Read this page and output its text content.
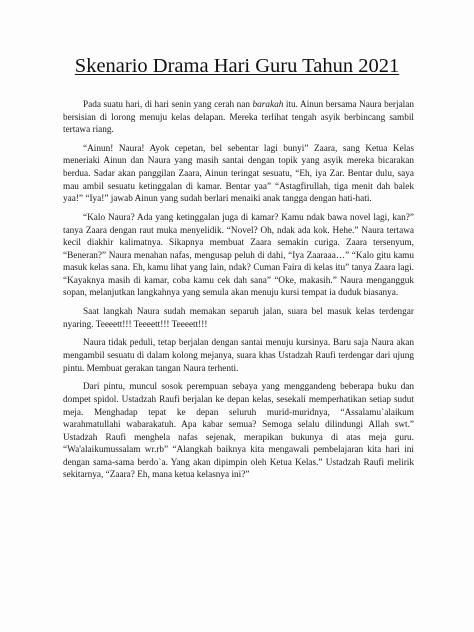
Skenario Drama Hari Guru Tahun 2021

Pada suatu hari, di hari senin yang cerah nan barakah itu. Ainun bersama Naura berjalan bersisian di lorong menuju kelas delapan. Mereka terlihat tengah asyik berbincang sambil tertawa riang.

“Ainun! Naura! Ayok cepetan, bel sebentar lagi bunyi” Zaara, sang Ketua Kelas meneriaki Ainun dan Naura yang masih santai dengan topik yang asyik mereka bicarakan berdua. Sadar akan panggilan Zaara, Ainun teringat sesuatu, “Eh, iya Zar. Bentar dulu, saya mau ambil sesuatu ketinggalan di kamar. Bentar yaa” “Astagfirullah, tiga menit dah balek yaa!” “Iya!” jawab Ainun yang sudah berlari menaiki anak tangga dengan hati-hati.

“Kalo Naura? Ada yang ketinggalan juga di kamar? Kamu ndak bawa novel lagi, kan?” tanya Zaara dengan raut muka menyelidik. “Novel? Oh, ndak ada kok. Hehe.” Naura tertawa kecil diakhir kalimatnya. Sikapnya membuat Zaara semakin curiga. Zaara tersenyum, “Beneran?” Naura menahan nafas, mengusap peluh di dahi, “Iya Zaaraaa…” “Kalo gitu kamu masuk kelas sana. Eh, kamu lihat yang lain, ndak? Cuman Faira di kelas itu” tanya Zaara lagi. “Kayaknya masih di kamar, coba kamu cek dah sana” “Oke, makasih.” Naura mengangguk sopan, melanjutkan langkahnya yang semula akan menuju kursi tempat ia duduk biasanya.

Saat langkah Naura sudah memakan separuh jalan, suara bel masuk kelas terdengar nyaring. Teeeett!!! Teeeett!!! Teeeett!!!

Naura tidak peduli, tetap berjalan dengan santai menuju kursinya. Baru saja Naura akan mengambil sesuatu di dalam kolong mejanya, suara khas Ustadzah Raufi terdengar dari ujung pintu. Membuat gerakan tangan Naura terhenti.

Dari pintu, muncul sosok perempuan sebaya yang menggandeng beberapa buku dan dompet spidol. Ustadzah Raufi berjalan ke depan kelas, sesekali memperhatikan setiap sudut meja. Menghadap tepat ke depan seluruh murid-muridnya, “Assalamu`alaikum warahmatullahi wabarakatuh. Apa kabar semua? Semoga selalu dilindungi Allah swt.” Ustadzah Raufi menghela nafas sejenak, merapikan bukunya di atas meja guru. “Wa'alaikumussalam wr.rb” “Alangkah baiknya kita mengawali pembelajaran kita hari ini dengan sama-sama berdo`a. Yang akan dipimpin oleh Ketua Kelas.” Ustadzah Raufi melirik sekitarnya, “Zaara? Eh, mana ketua kelasnya ini?”
